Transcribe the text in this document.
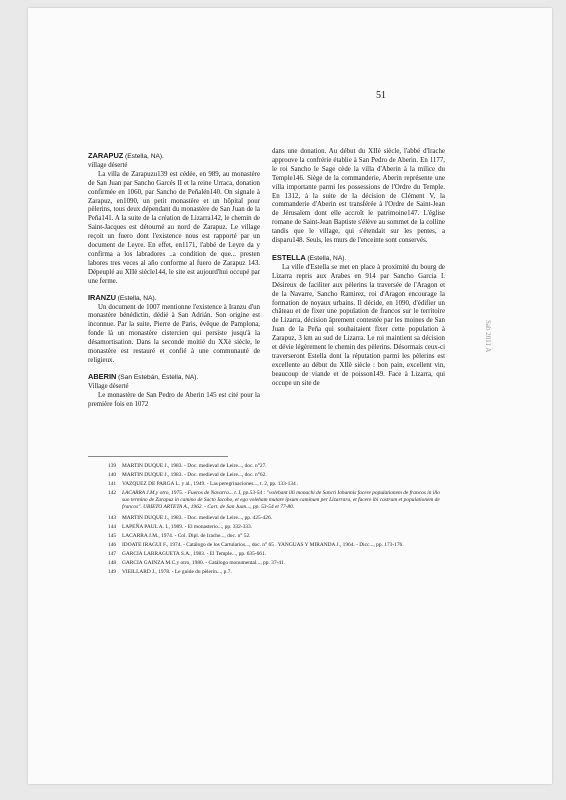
51
Sab 2011 A
ZARAPUZ (Estella, NA).
village déserté

La villa de Zarapuzu139 est cédée, en 989, au monastère de San Juan par Sancho Garcés II et la reine Urraca, donation confirmée en 1060, par Sancho de Peñalén140. On signale à Zarapuz, en1090, un petit monastère et un hôpital pour pèlerins, tous deux dépendant du monastère de San Juan de la Peña141. A la suite de la création de Lizarra142, le chemin de Saint-Jacques est détourné au nord de Zarapuz. Le village reçoit un fuero dont l'existence nous est rapporté par un document de Leyre. En effet, en1171, l'abbé de Leyre da y confirma a los labradores ..a condition de que... presten labores tres veces al año conforme al fuero de Zarapuz 143. Dépeuplé au XIIè siècle144, le site est aujourd'hui occupé par une ferme.

IRANZU (Estella, NA).

Un document de 1007 mentionne l'existence à Iranzu d'un monastère bénédictin, dédié à San Adrián. Son origine est inconnue. Par la suite, Pierre de Paris, évêque de Pamplona, fonde là un monastère cistercien qui persiste jusqu'à la désamortisation. Dans la seconde moitié du XXè siècle, le monastère est restauré et confié à une communauté de religieux.

ABERIN (San Estebán, Estella, NA).
Village déserté

Le monastère de San Pedro de Aberin 145 est cité pour la première fois en 1072

dans une donation. Au début du XIIè siècle, l'abbé d'Irache approuve la confrérie établie à San Pedro de Aberin. En 1177, le roi Sancho le Sage cède la villa d'Aberin à la milice du Temple146. Siège de la commanderie, Aberin représente une villa importante parmi les possessions de l'Ordre du Temple. En 1312, à la suite de la décision de Clément V, la commanderie d'Aberin est transférée à l'Ordre de Saint-Jean de Jérusalem dont elle accroît le patrimoine147. L'église romane de Saint-Jean Baptiste s'élève au sommet de la colline tandis que le village, qui s'étendait sur les pentes, a disparu148. Seuls, les murs de l'enceinte sont conservés.

ESTELLA (Estella, NA).

La ville d'Estella se met en place à proximité du bourg de Lizarra repris aux Arabes en 914 par Sancho Garcia I. Désireux de faciliter aux pèlerins la traversée de l'Aragon et de la Navarre, Sancho Ramirez, roi d'Aragon encourage la formation de noyaux urbains. Il décide, en 1090, d'édifier un château et de fixer une population de francos sur le territoire de Lizarra, décision âprement contestée par les moines de San Juan de la Peña qui souhaitaient fixer cette population à Zarapuz, 3 km au sud de Lizarra. Le roi maintient sa décision et dévie légèrement le chemin des pèlerins. Désormais ceux-ci traverseront Estella dont la réputation parmi les pèlerins est excellente au début du XIIè siècle : bon pain, excellent vin, beaucoup de viande et de poisson149. Face à Lizarra, qui occupe un site de

139	MARTIN DUQUE J., 1983. - Doc. medieval de Leire..., doc. n°27.
140	MARTIN DUQUE J., 1983. - Doc. medieval de Leire..., doc. n°62.
141	VAZQUEZ DE PARGA L. y al., 1949. - Las peregrinaciones..., t. 2, pp. 133-134 .
142	LACARRA J.M.y otro, 1975. - Fueros de Navarra... t. I, pp.53-54 : "volebant illi monachi de Sancti Iohannis facere populationem de francos in illo suo termino de Zarapuz in camino de Sacto Iacobo, et ego volebam mutare ipsum caminum per Lizarrara, et facere ibi castrum et populationem de francos". UBIETO ARTETA A., 1962. - Cart. de San Juan..., pp. 53-54 et 77-80.
143	MARTIN DUQUE J., 1983. - Doc. medieval de Leire..., pp. 425-426.
144	LAPEÑA PAUL A. I., 1989. - El monasterio..., pp. 332-333.
145	LACARRA J.M., 1974. - Col. Dipl. de Irache..., doc. n° 52.
146	IDOATE IRAGUI F., 1974. - Catálogo de los Cartularios..., doc. n° 65 . YANGUAS Y MIRANDA J., 1964. - Dicc..., pp. 173-176.
147	GARCIA LARRAGUETA S.A., 1983. - El Temple..., pp. 635-661.
148	GARCIA GAINZA M.C.y otro, 1980. - Catálogo monumental..., pp. 37-41.
149	VIEILLARD J., 1978. - Le guide du pèlerin..., p.7.
